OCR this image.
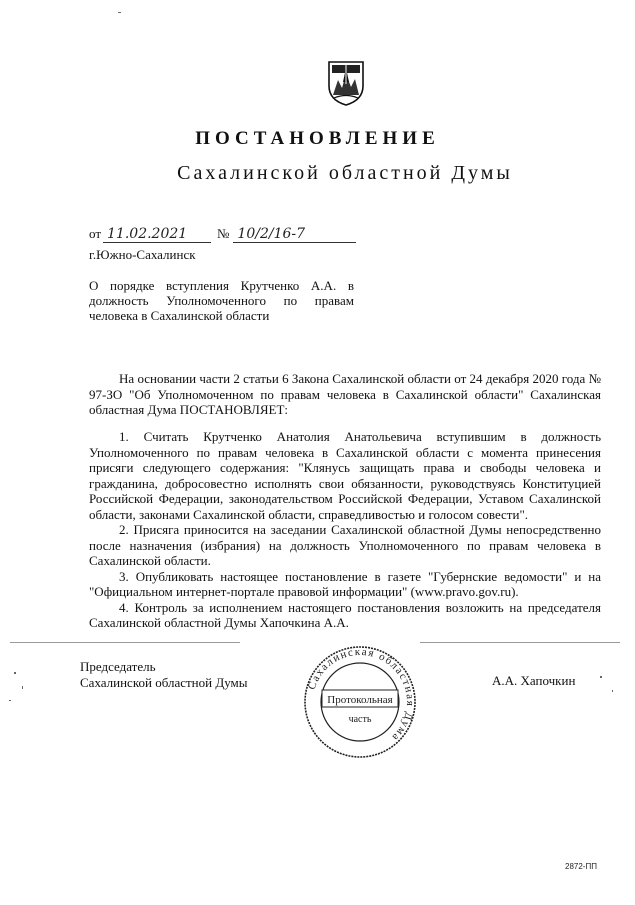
ПОСТАНОВЛЕНИЕ
Сахалинской областной Думы
от 11.02.2021 № 10/2/16-7
г.Южно-Сахалинск
О порядке вступления Крутченко А.А. в должность Уполномоченного по правам человека в Сахалинской области

На основании части 2 статьи 6 Закона Сахалинской области от 24 декабря 2020 года № 97-ЗО "Об Уполномоченном по правам человека в Сахалинской области" Сахалинская областная Дума ПОСТАНОВЛЯЕТ:

1. Считать Крутченко Анатолия Анатольевича вступившим в должность Уполномоченного по правам человека в Сахалинской области с момента принесения присяги следующего содержания: "Клянусь защищать права и свободы человека и гражданина, добросовестно исполнять свои обязанности, руководствуясь Конституцией Российской Федерации, законодательством Российской Федерации, Уставом Сахалинской области, законами Сахалинской области, справедливостью и голосом совести".

2. Присяга приносится на заседании Сахалинской областной Думы непосредственно после назначения (избрания) на должность Уполномоченного по правам человека в Сахалинской области.

3. Опубликовать настоящее постановление в газете "Губернские ведомости" и на "Официальном интернет-портале правовой информации" (www.pravo.gov.ru).

4. Контроль за исполнением настоящего постановления возложить на председателя Сахалинской областной Думы Хапочкина А.А.

Председатель
Сахалинской областной Думы	А.А. Хапочкин
Сахалинская областная Дума
Протокольная
часть
2872-ПП
